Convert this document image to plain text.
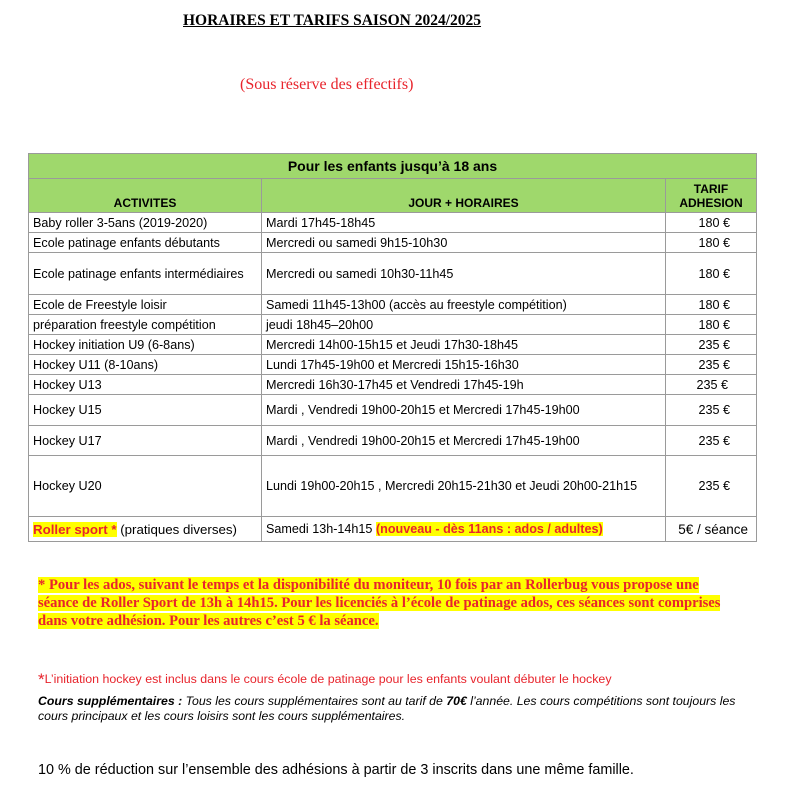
HORAIRES ET TARIFS SAISON 2024/2025
(Sous réserve des effectifs)
Pour les enfants jusqu’à 18 ans		
ACTIVITES	JOUR + HORAIRES	TARIF
ADHESION

Baby roller 3-5ans (2019-2020)	Mardi 17h45-18h45	180 €
Ecole patinage enfants débutants	Mercredi ou samedi 9h15-10h30	180 €
Ecole patinage enfants intermédiaires	Mercredi ou samedi 10h30-11h45	180 €
Ecole de Freestyle loisir	Samedi 11h45-13h00 (accès au freestyle compétition)	180 €
préparation freestyle compétition	jeudi 18h45–20h00	180 €
Hockey initiation U9 (6-8ans)	Mercredi 14h00-15h15 et Jeudi 17h30-18h45	235 €
Hockey U11 (8-10ans)	Lundi 17h45-19h00 et Mercredi 15h15-16h30	235 €
Hockey U13	Mercredi 16h30-17h45 et Vendredi 17h45-19h	235 €
Hockey U15	Mardi , Vendredi 19h00-20h15 et Mercredi 17h45-19h00	235 €
Hockey U17	Mardi , Vendredi 19h00-20h15 et Mercredi 17h45-19h00	235 €
Hockey U20	Lundi 19h00-20h15 , Mercredi 20h15-21h30 et Jeudi 20h00-21h15	235 €
Roller sport * (pratiques diverses)	Samedi 13h-14h15 (nouveau - dès 11ans : ados / adultes)	5€ / séance
* Pour les ados, suivant le temps et la disponibilité du moniteur, 10 fois par an Rollerbug vous propose une séance de Roller Sport de 13h à 14h15. Pour les licenciés à l’école de patinage ados, ces séances sont comprises dans votre adhésion. Pour les autres c’est 5 € la séance.
*L’initiation hockey est inclus dans le cours école de patinage pour les enfants voulant débuter le hockey
Cours supplémentaires : Tous les cours supplémentaires sont au tarif de 70€ l’année. Les cours compétitions sont toujours les cours principaux et les cours loisirs sont les cours supplémentaires.
10 % de réduction sur l’ensemble des adhésions à partir de 3 inscrits dans une même famille.
